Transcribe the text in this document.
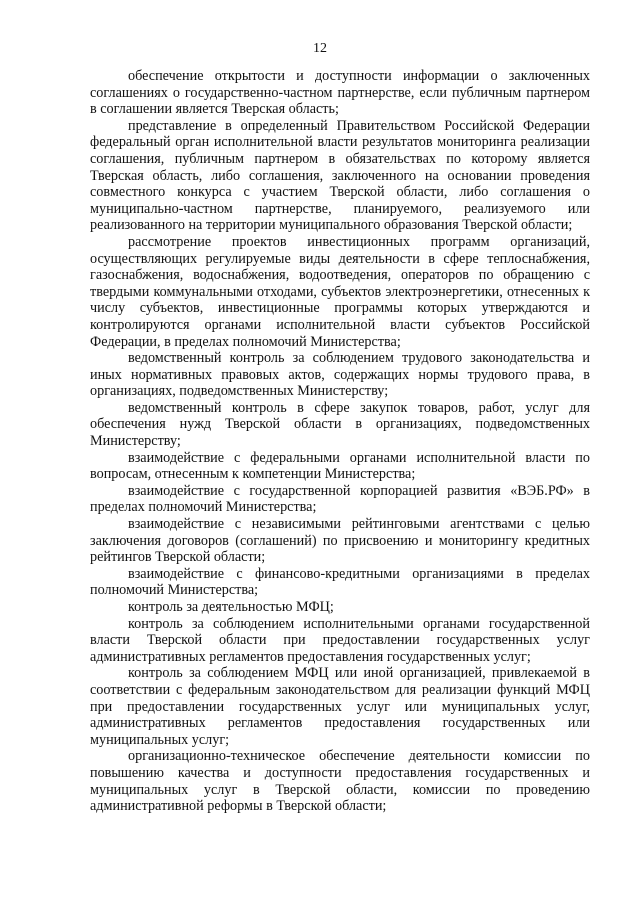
12

обеспечение открытости и доступности информации о заключенных соглашениях о государственно-частном партнерстве, если публичным партнером в соглашении является Тверская область;

представление в определенный Правительством Российской Федерации федеральный орган исполнительной власти результатов мониторинга реализации соглашения, публичным партнером в обязательствах по которому является Тверская область, либо соглашения, заключенного на основании проведения совместного конкурса с участием Тверской области, либо соглашения о муниципально-частном партнерстве, планируемого, реализуемого или реализованного на территории муниципального образования Тверской области;

рассмотрение проектов инвестиционных программ организаций, осуществляющих регулируемые виды деятельности в сфере теплоснабжения, газоснабжения, водоснабжения, водоотведения, операторов по обращению с твердыми коммунальными отходами, субъектов электроэнергетики, отнесенных к числу субъектов, инвестиционные программы которых утверждаются и контролируются органами исполнительной власти субъектов Российской Федерации, в пределах полномочий Министерства;

ведомственный контроль за соблюдением трудового законодательства и иных нормативных правовых актов, содержащих нормы трудового права, в организациях, подведомственных Министерству;

ведомственный контроль в сфере закупок товаров, работ, услуг для обеспечения нужд Тверской области в организациях, подведомственных Министерству;

взаимодействие с федеральными органами исполнительной власти по вопросам, отнесенным к компетенции Министерства;

взаимодействие с государственной корпорацией развития «ВЭБ.РФ» в пределах полномочий Министерства;

взаимодействие с независимыми рейтинговыми агентствами с целью заключения договоров (соглашений) по присвоению и мониторингу кредитных рейтингов Тверской области;

взаимодействие с финансово-кредитными организациями в пределах полномочий Министерства;

контроль за деятельностью МФЦ;

контроль за соблюдением исполнительными органами государственной власти Тверской области при предоставлении государственных услуг административных регламентов предоставления государственных услуг;

контроль за соблюдением МФЦ или иной организацией, привлекаемой в соответствии с федеральным законодательством для реализации функций МФЦ при предоставлении государственных услуг или муниципальных услуг, административных регламентов предоставления государственных или муниципальных услуг;

организационно-техническое обеспечение деятельности комиссии по повышению качества и доступности предоставления государственных и муниципальных услуг в Тверской области, комиссии по проведению административной реформы в Тверской области;
